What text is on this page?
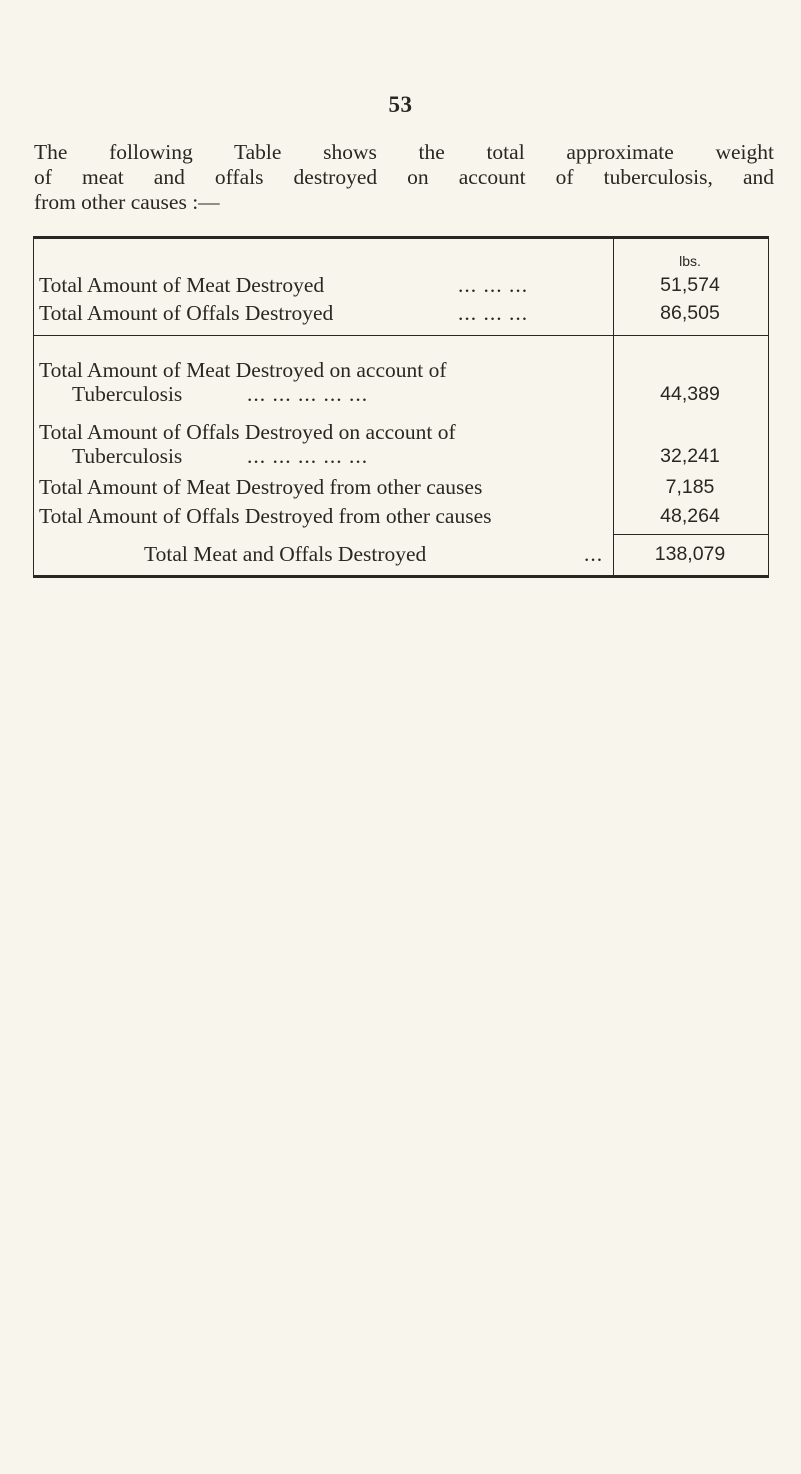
53
The following Table shows the total approximate weight
of meat and offals destroyed on account of tuberculosis, and
from other causes :—
lbs.
Total Amount of Meat Destroyed	... ... ...	51,574
Total Amount of Offals Destroyed	... ... ...	86,505
Total Amount of Meat Destroyed on account of
Tuberculosis	... ... ... ... ...	44,389
Total Amount of Offals Destroyed on account of
Tuberculosis	... ... ... ... ...	32,241
Total Amount of Meat Destroyed from other causes	7,185
Total Amount of Offals Destroyed from other causes	48,264
Total Meat and Offals Destroyed	...	138,079
